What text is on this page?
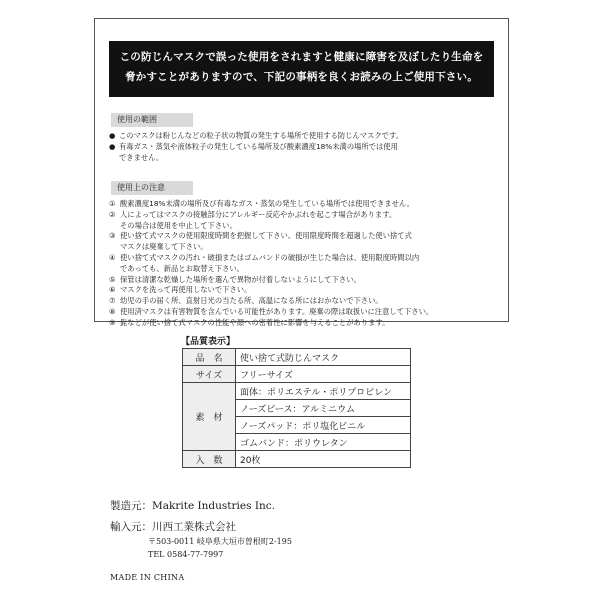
この防じんマスクで誤った使用をされますと健康に障害を及ぼしたり生命を
脅かすことがありますので、下記の事柄を良くお読みの上ご使用下さい。
使用の範囲
● このマスクは粉じんなどの粒子状の物質の発生する場所で使用する防じんマスクです。
● 有毒ガス・蒸気や液体粒子の発生している場所及び酸素濃度18%未満の場所では使用
できません。
使用上の注意
① 酸素濃度18%未満の場所及び有毒なガス・蒸気の発生している場所では使用できません。
② 人によってはマスクの接触部分にアレルギー反応やかぶれを起こす場合があります。
その場合は使用を中止して下さい。
③ 使い捨て式マスクの使用限度時間を把握して下さい。使用限度時間を超過した使い捨て式
マスクは廃棄して下さい。
④ 使い捨て式マスクの汚れ・破損またはゴムバンドの破損が生じた場合は、使用限度時間以内
であっても、新品とお取替え下さい。
⑤ 保管は清潔な乾燥した場所を選んで異物が付着しないようにして下さい。
⑥ マスクを洗って再使用しないで下さい。
⑦ 幼児の手の届く所、直射日光の当たる所、高温になる所にはおかないで下さい。
⑧ 使用済マスクは有害物質を含んでいる可能性があります。廃棄の際は取扱いに注意して下さい。
⑨ 髭などが使い捨て式マスクの性能や顔への密着性に影響を与えることがあります。
【品質表示】
品　名	使い捨て式防じんマスク
サイズ	フリーサイズ
素　材	面体：ポリエステル・ポリプロピレン
	ノーズピース：アルミニウム
	ノーズパッド：ポリ塩化ビニル
	ゴムバンド：ポリウレタン
入　数	20枚
製造元：Makrite Industries Inc.
輸入元：川西工業株式会社
〒503-0011 岐阜県大垣市曽根町2-195
TEL 0584-77-7997
MADE IN CHINA
